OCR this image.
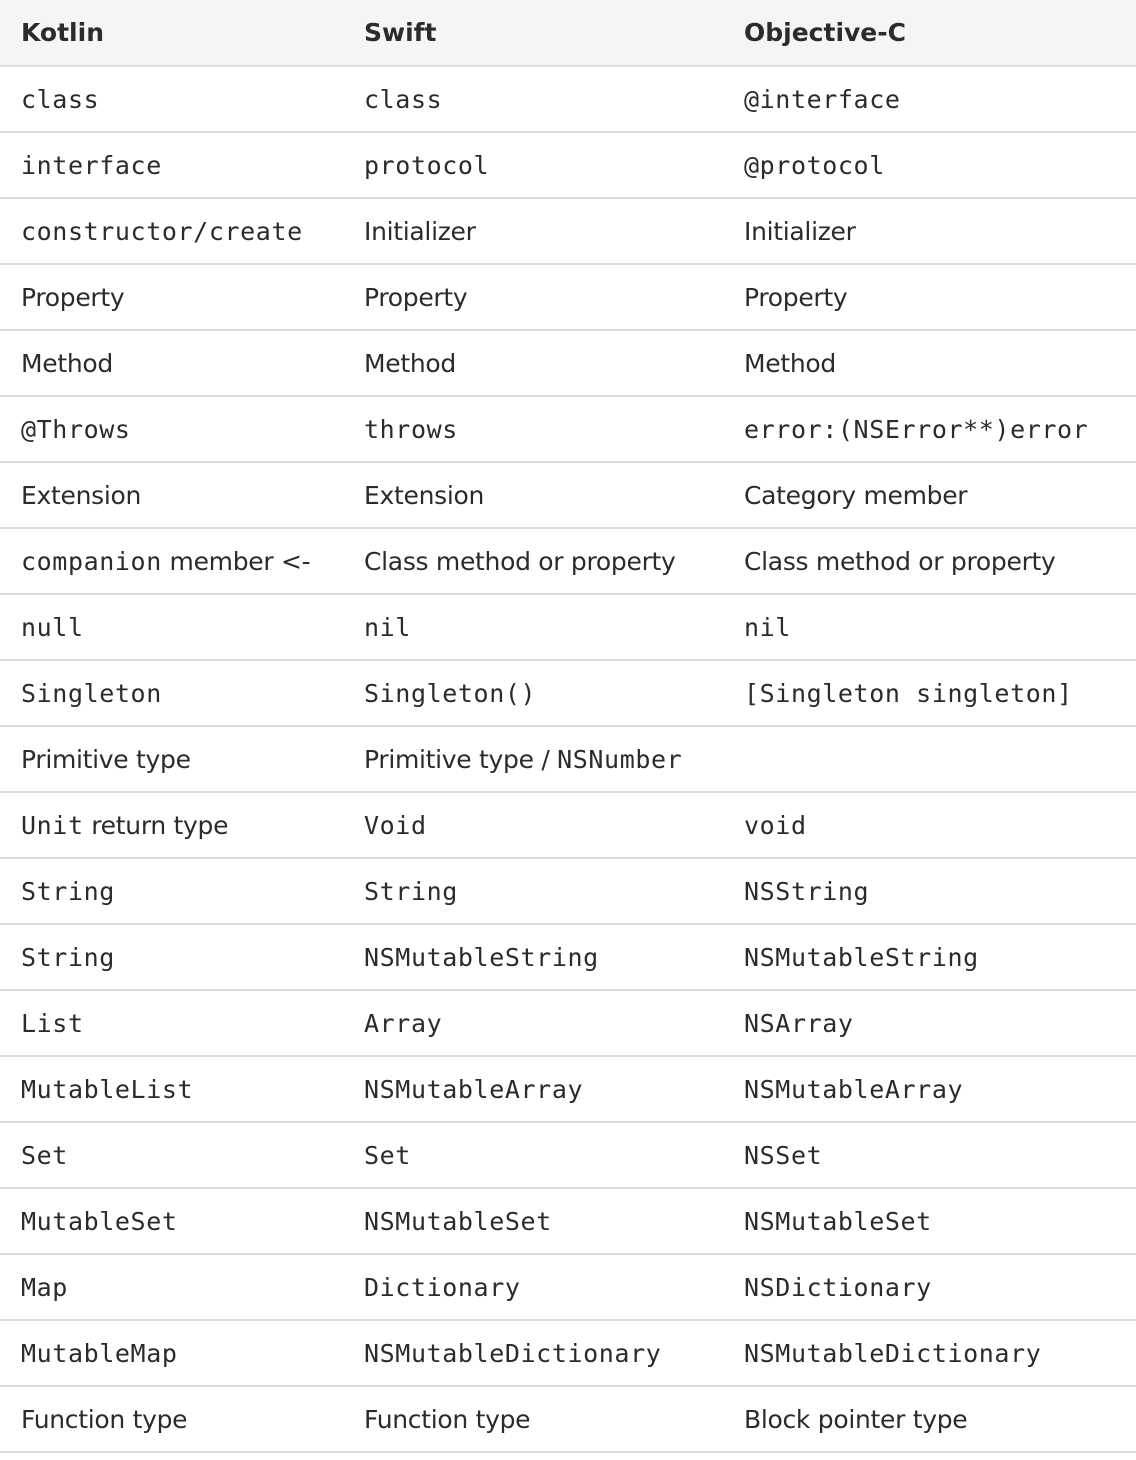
Kotlin	Swift	Objective-C
class	class	@interface
interface	protocol	@protocol
constructor/create	Initializer	Initializer
Property	Property	Property
Method	Method	Method
@Throws	throws	error:(NSError**)error
Extension	Extension	Category member
companion member <-	Class method or property	Class method or property
null	nil	nil
Singleton	Singleton()	[Singleton singleton]
Primitive type	Primitive type / NSNumber	
Unit return type	Void	void
String	String	NSString
String	NSMutableString	NSMutableString
List	Array	NSArray
MutableList	NSMutableArray	NSMutableArray
Set	Set	NSSet
MutableSet	NSMutableSet	NSMutableSet
Map	Dictionary	NSDictionary
MutableMap	NSMutableDictionary	NSMutableDictionary
Function type	Function type	Block pointer type
